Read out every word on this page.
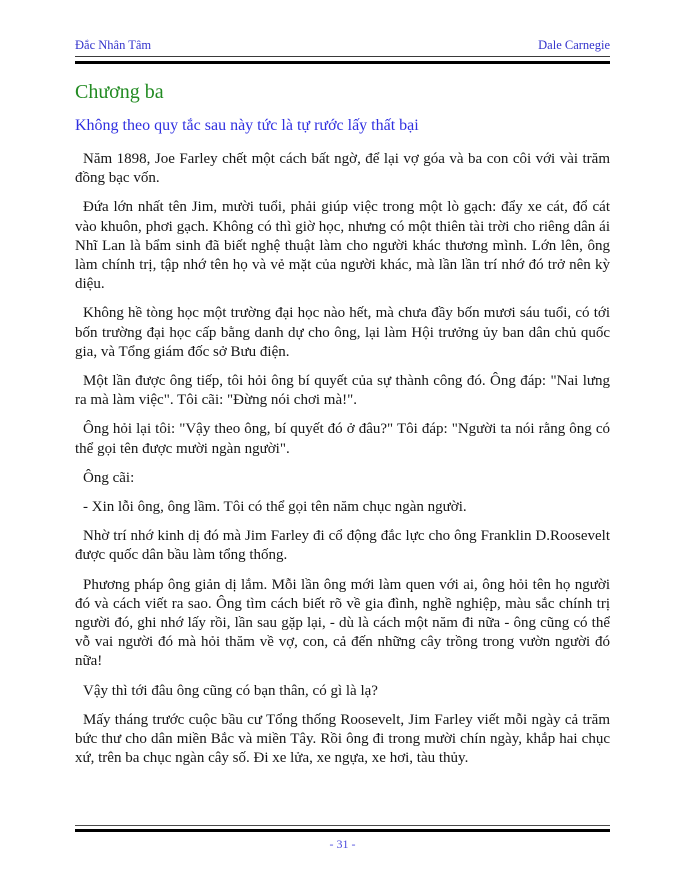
Đắc Nhân Tâm	Dale Carnegie
Chương ba
Không theo quy tắc sau này tức là tự rước lấy thất bại

Năm 1898, Joe Farley chết một cách bất ngờ, để lại vợ góa và ba con côi với vài trăm đồng bạc vốn.

Đứa lớn nhất tên Jim, mười tuổi, phải giúp việc trong một lò gạch: đẩy xe cát, đổ cát vào khuôn, phơi gạch. Không có thì giờ học, nhưng có một thiên tài trời cho riêng dân ái Nhĩ Lan là bẩm sinh đã biết nghệ thuật làm cho người khác thương mình. Lớn lên, ông làm chính trị, tập nhớ tên họ và vẻ mặt của người khác, mà lần lần trí nhớ đó trở nên kỳ diệu.

Không hề tòng học một trường đại học nào hết, mà chưa đầy bốn mươi sáu tuổi, có tới bốn trường đại học cấp bằng danh dự cho ông, lại làm Hội trưởng ủy ban dân chủ quốc gia, và Tổng giám đốc sở Bưu điện.

Một lần được ông tiếp, tôi hỏi ông bí quyết của sự thành công đó. Ông đáp: "Nai lưng ra mà làm việc". Tôi cãi: "Đừng nói chơi mà!".

Ông hỏi lại tôi: "Vậy theo ông, bí quyết đó ở đâu?" Tôi đáp: "Người ta nói rằng ông có thể gọi tên được mười ngàn người".

Ông cãi:

- Xin lỗi ông, ông lầm. Tôi có thể gọi tên năm chục ngàn người.

Nhờ trí nhớ kinh dị đó mà Jim Farley đi cổ động đắc lực cho ông Franklin D.Roosevelt được quốc dân bầu làm tổng thống.

Phương pháp ông giản dị lắm. Mỗi lần ông mới làm quen với ai, ông hỏi tên họ người đó và cách viết ra sao. Ông tìm cách biết rõ về gia đình, nghề nghiệp, màu sắc chính trị người đó, ghi nhớ lấy rồi, lần sau gặp lại, - dù là cách một năm đi nữa - ông cũng có thể vỗ vai người đó mà hỏi thăm về vợ, con, cả đến những cây trồng trong vườn người đó nữa!

Vậy thì tới đâu ông cũng có bạn thân, có gì là lạ?

Mấy tháng trước cuộc bầu cư Tổng thống Roosevelt, Jim Farley viết mỗi ngày cả trăm bức thư cho dân miền Bắc và miền Tây. Rồi ông đi trong mười chín ngày, khắp hai chục xứ, trên ba chục ngàn cây số. Đi xe lửa, xe ngựa, xe hơi, tàu thủy.

- 31 -
